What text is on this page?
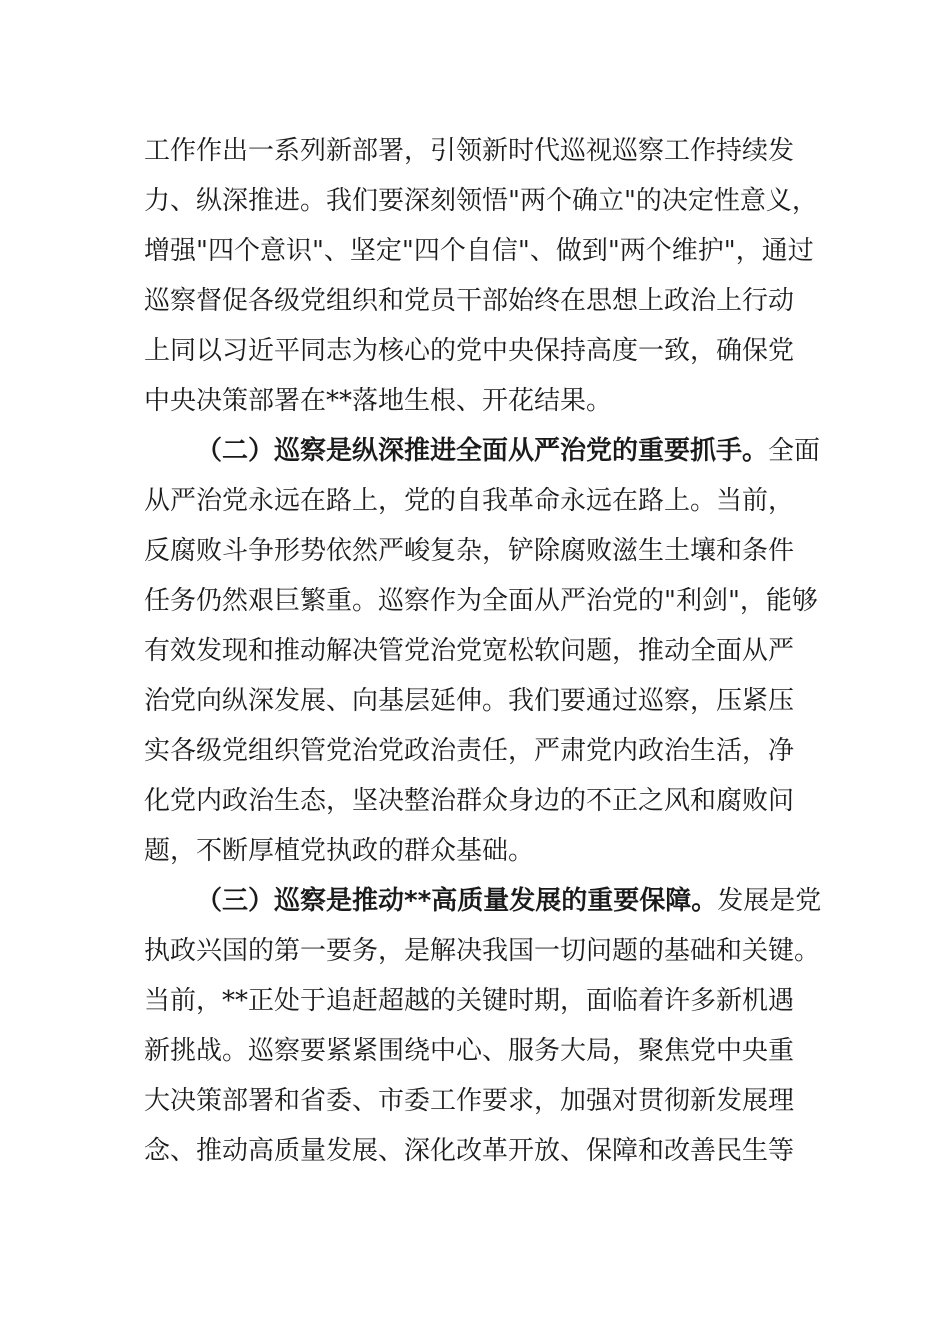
工作作出一系列新部署，引领新时代巡视巡察工作持续发
力、纵深推进。我们要深刻领悟"两个确立"的决定性意义，
增强"四个意识"、坚定"四个自信"、做到"两个维护"，通过
巡察督促各级党组织和党员干部始终在思想上政治上行动
上同以习近平同志为核心的党中央保持高度一致，确保党
中央决策部署在**落地生根、开花结果。
（二）巡察是纵深推进全面从严治党的重要抓手。全面
从严治党永远在路上，党的自我革命永远在路上。当前，
反腐败斗争形势依然严峻复杂，铲除腐败滋生土壤和条件
任务仍然艰巨繁重。巡察作为全面从严治党的"利剑"，能够
有效发现和推动解决管党治党宽松软问题，推动全面从严
治党向纵深发展、向基层延伸。我们要通过巡察，压紧压
实各级党组织管党治党政治责任，严肃党内政治生活，净
化党内政治生态，坚决整治群众身边的不正之风和腐败问
题，不断厚植党执政的群众基础。
（三）巡察是推动**高质量发展的重要保障。发展是党
执政兴国的第一要务，是解决我国一切问题的基础和关键。
当前，**正处于追赶超越的关键时期，面临着许多新机遇
新挑战。巡察要紧紧围绕中心、服务大局，聚焦党中央重
大决策部署和省委、市委工作要求，加强对贯彻新发展理
念、推动高质量发展、深化改革开放、保障和改善民生等
